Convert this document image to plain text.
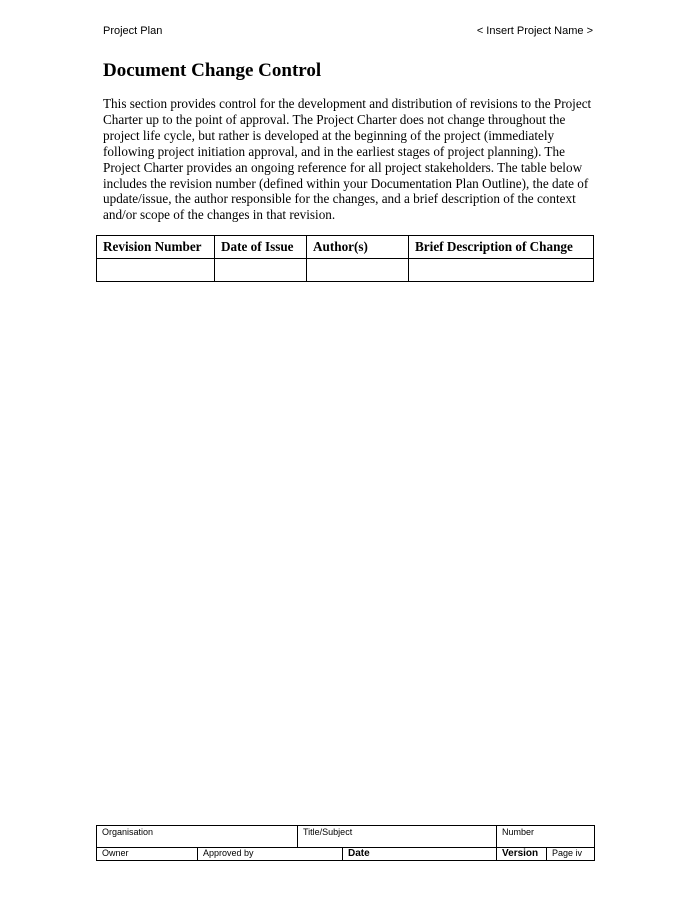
Project Plan	< Insert Project Name >
Document Change Control

This section provides control for the development and distribution of revisions to the Project Charter up to the point of approval. The Project Charter does not change throughout the project life cycle, but rather is developed at the beginning of the project (immediately following project initiation approval, and in the earliest stages of project planning). The Project Charter provides an ongoing reference for all project stakeholders. The table below includes the revision number (defined within your Documentation Plan Outline), the date of update/issue, the author responsible for the changes, and a brief description of the context and/or scope of the changes in that revision.

Revision Number	Date of Issue	Author(s)	Brief Description of Change

Organisation		Title/Subject		Number	
Owner	Approved by		Date	Version	Page iv
